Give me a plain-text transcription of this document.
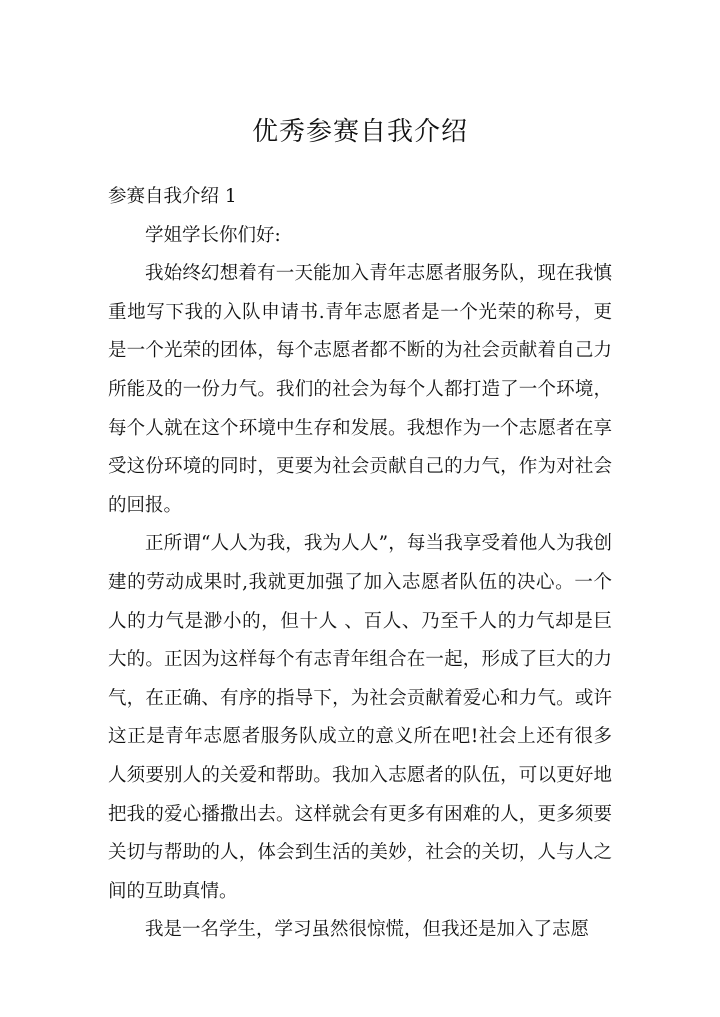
优秀参赛自我介绍

参赛自我介绍 1

学姐学长你们好:

我始终幻想着有一天能加入青年志愿者服务队，现在我慎重地写下我的入队申请书.青年志愿者是一个光荣的称号，更是一个光荣的团体，每个志愿者都不断的为社会贡献着自己力所能及的一份力气。我们的社会为每个人都打造了一个环境，每个人就在这个环境中生存和发展。我想作为一个志愿者在享受这份环境的同时，更要为社会贡献自己的力气，作为对社会的回报。

正所谓“人人为我，我为人人”，每当我享受着他人为我创建的劳动成果时,我就更加强了加入志愿者队伍的决心。一个人的力气是渺小的，但十人 、百人、乃至千人的力气却是巨大的。正因为这样每个有志青年组合在一起，形成了巨大的力气，在正确、有序的指导下，为社会贡献着爱心和力气。或许这正是青年志愿者服务队成立的意义所在吧!社会上还有很多人须要别人的关爱和帮助。我加入志愿者的队伍，可以更好地把我的爱心播撒出去。这样就会有更多有困难的人，更多须要关切与帮助的人，体会到生活的美妙，社会的关切，人与人之间的互助真情。

我是一名学生，学习虽然很惊慌，但我还是加入了志愿
